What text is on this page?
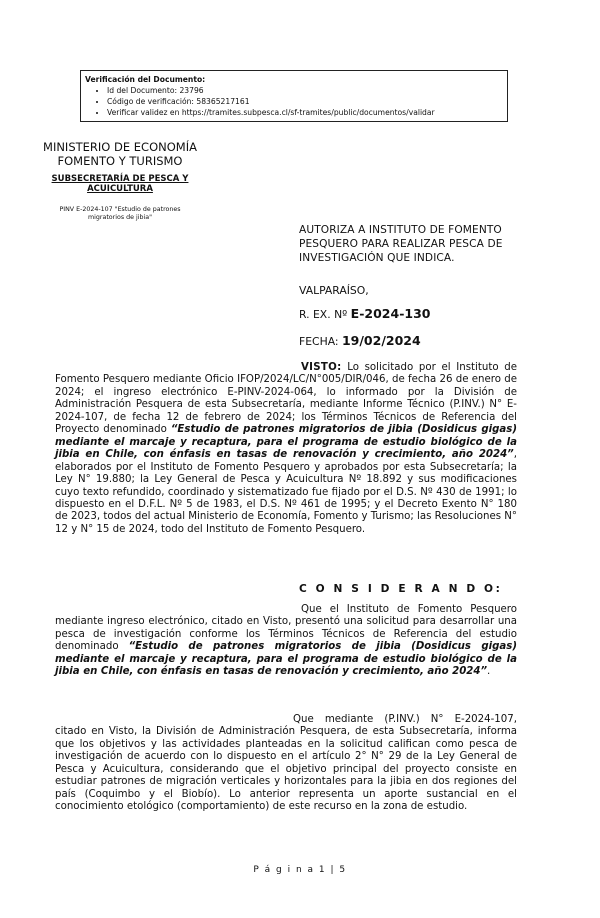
Verificación del Documento:
• Id del Documento: 23796
• Código de verificación: 58365217161
• Verificar validez en https://tramites.subpesca.cl/sf-tramites/public/documentos/validar
MINISTERIO DE ECONOMÍA
FOMENTO Y TURISMO
SUBSECRETARÍA DE PESCA Y
ACUICULTURA
PINV E-2024-107 "Estudio de patrones
migratorios de jibia"
AUTORIZA A INSTITUTO DE FOMENTO PESQUERO PARA REALIZAR PESCA DE INVESTIGACIÓN QUE INDICA.
VALPARAÍSO,
R. EX. Nº E-2024-130
FECHA: 19/02/2024
VISTO: Lo solicitado por el Instituto de Fomento Pesquero mediante Oficio IFOP/2024/LC/N°005/DIR/046, de fecha 26 de enero de 2024; el ingreso electrónico E-PINV-2024-064, lo informado por la División de Administración Pesquera de esta Subsecretaría, mediante Informe Técnico (P.INV.) N° E-2024-107, de fecha 12 de febrero de 2024; los Términos Técnicos de Referencia del Proyecto denominado “Estudio de patrones migratorios de jibia (Dosidicus gigas) mediante el marcaje y recaptura, para el programa de estudio biológico de la jibia en Chile, con énfasis en tasas de renovación y crecimiento, año 2024”, elaborados por el Instituto de Fomento Pesquero y aprobados por esta Subsecretaría; la Ley N° 19.880; la Ley General de Pesca y Acuicultura Nº 18.892 y sus modificaciones cuyo texto refundido, coordinado y sistematizado fue fijado por el D.S. Nº 430 de 1991; lo dispuesto en el D.F.L. Nº 5 de 1983, el D.S. Nº 461 de 1995; y el Decreto Exento N° 180 de 2023, todos del actual Ministerio de Economía, Fomento y Turismo; las Resoluciones N° 12 y N° 15 de 2024, todo del Instituto de Fomento Pesquero.
C O N S I D E R A N D O:
Que el Instituto de Fomento Pesquero mediante ingreso electrónico, citado en Visto, presentó una solicitud para desarrollar una pesca de investigación conforme los Términos Técnicos de Referencia del estudio denominado “Estudio de patrones migratorios de jibia (Dosidicus gigas) mediante el marcaje y recaptura, para el programa de estudio biológico de la jibia en Chile, con énfasis en tasas de renovación y crecimiento, año 2024”.
Que mediante (P.INV.) N° E-2024-107, citado en Visto, la División de Administración Pesquera, de esta Subsecretaría, informa que los objetivos y las actividades planteadas en la solicitud califican como pesca de investigación de acuerdo con lo dispuesto en el artículo 2° N° 29 de la Ley General de Pesca y Acuicultura, considerando que el objetivo principal del proyecto consiste en estudiar patrones de migración verticales y horizontales para la jibia en dos regiones del país (Coquimbo y el Biobío). Lo anterior representa un aporte sustancial en el conocimiento etológico (comportamiento) de este recurso en la zona de estudio.
P á g i n a 1 | 5
